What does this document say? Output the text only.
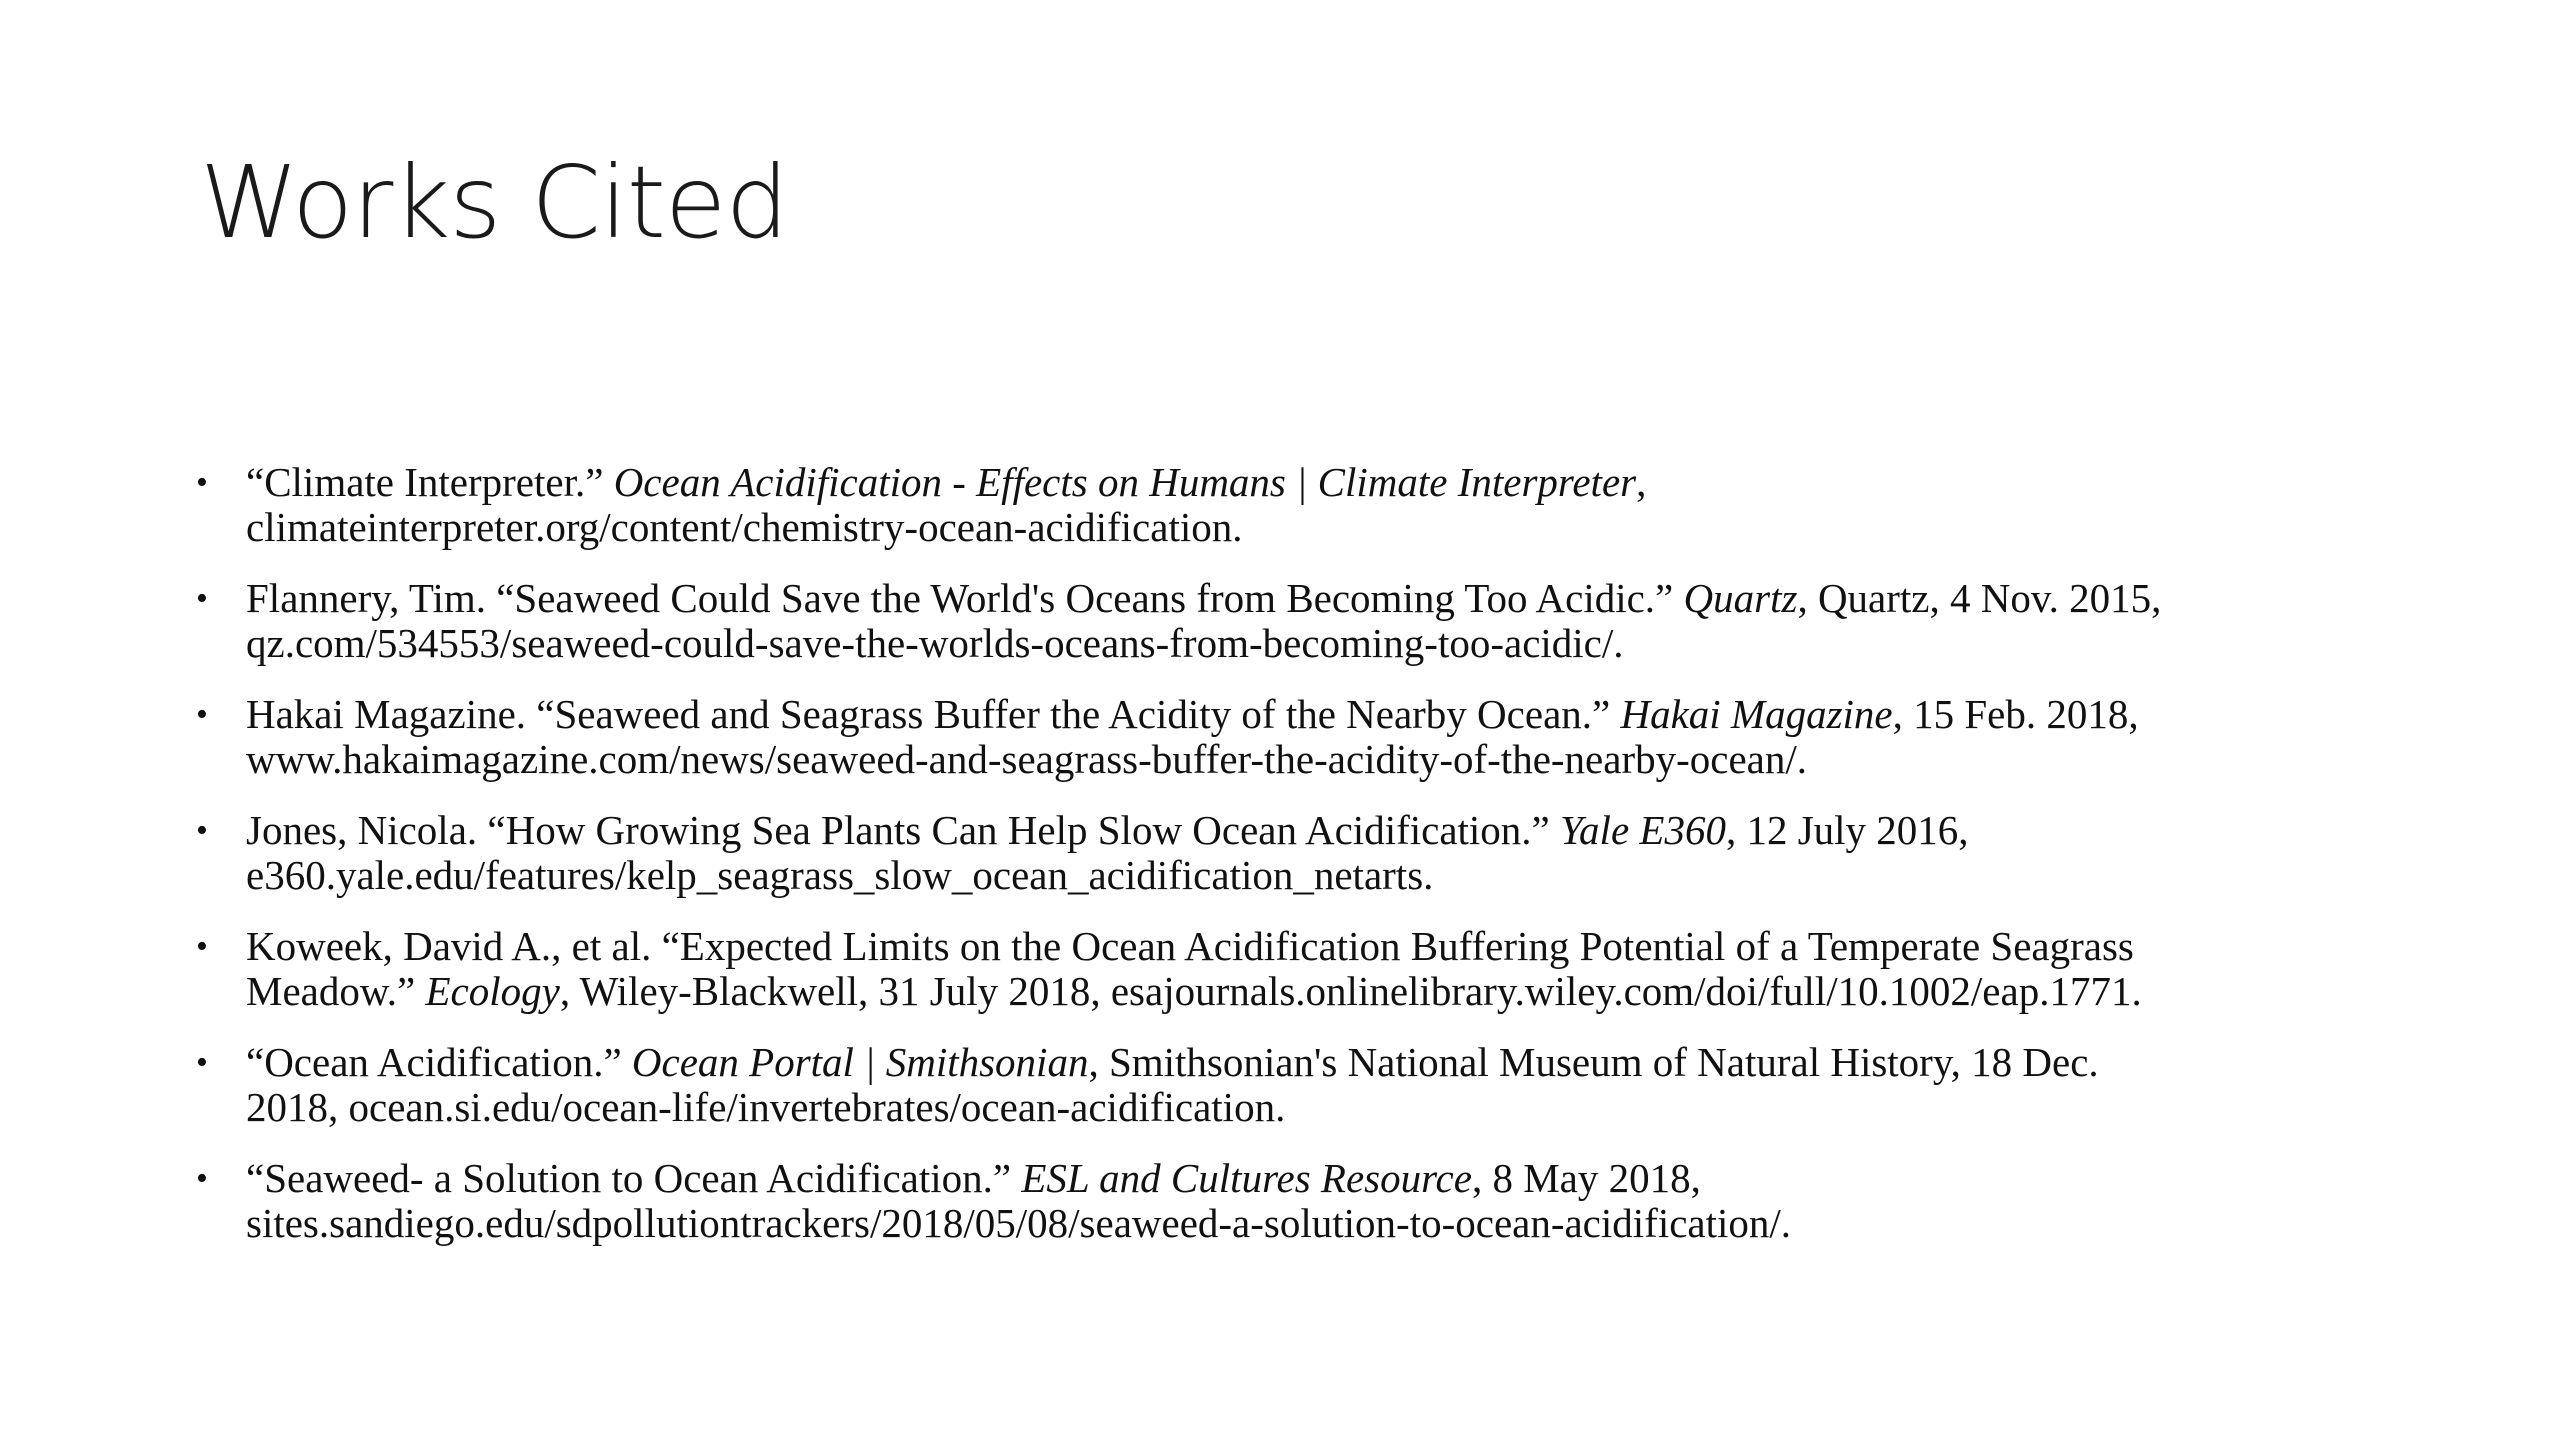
Works Cited
• “Climate Interpreter.” Ocean Acidification - Effects on Humans | Climate Interpreter,
climateinterpreter.org/content/chemistry-ocean-acidification.
• Flannery, Tim. “Seaweed Could Save the World's Oceans from Becoming Too Acidic.” Quartz, Quartz, 4 Nov. 2015,
qz.com/534553/seaweed-could-save-the-worlds-oceans-from-becoming-too-acidic/.
• Hakai Magazine. “Seaweed and Seagrass Buffer the Acidity of the Nearby Ocean.” Hakai Magazine, 15 Feb. 2018,
www.hakaimagazine.com/news/seaweed-and-seagrass-buffer-the-acidity-of-the-nearby-ocean/.
• Jones, Nicola. “How Growing Sea Plants Can Help Slow Ocean Acidification.” Yale E360, 12 July 2016,
e360.yale.edu/features/kelp_seagrass_slow_ocean_acidification_netarts.
• Koweek, David A., et al. “Expected Limits on the Ocean Acidification Buffering Potential of a Temperate Seagrass
Meadow.” Ecology, Wiley-Blackwell, 31 July 2018, esajournals.onlinelibrary.wiley.com/doi/full/10.1002/eap.1771.
• “Ocean Acidification.” Ocean Portal | Smithsonian, Smithsonian's National Museum of Natural History, 18 Dec.
2018, ocean.si.edu/ocean-life/invertebrates/ocean-acidification.
• “Seaweed- a Solution to Ocean Acidification.” ESL and Cultures Resource, 8 May 2018,
sites.sandiego.edu/sdpollutiontrackers/2018/05/08/seaweed-a-solution-to-ocean-acidification/.
